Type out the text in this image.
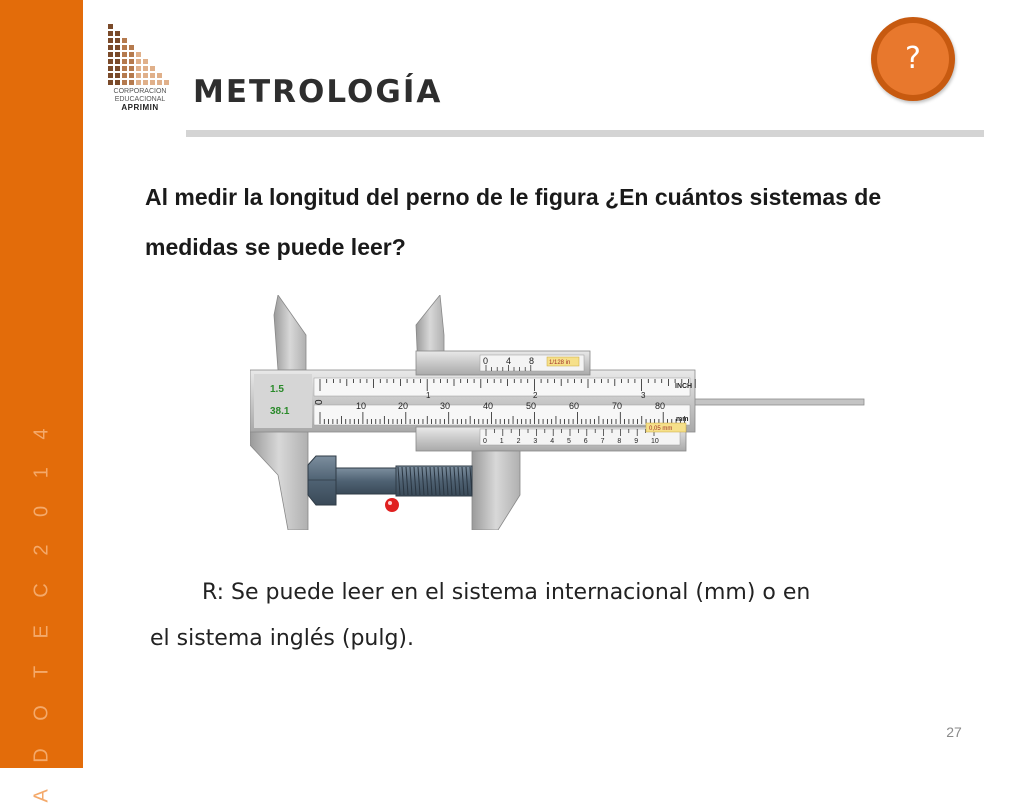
A D O T E C 2 0 1 4
CORPORACION
EDUCACIONAL
APRIMIN	METROLOGÍA
?
Al medir la longitud del perno de le figura ¿En cuántos sistemas de medidas se puede leer?
1.5
38.1
0	10	20	30	40	50	60	70	80
1	2	3
INCH
mm
0 4 8 1/128 in
0 1 2 3 4 5 6 7 8 9 10
0,05 mm
R: Se puede leer en el sistema internacional (mm) o en
el sistema inglés (pulg).
27
